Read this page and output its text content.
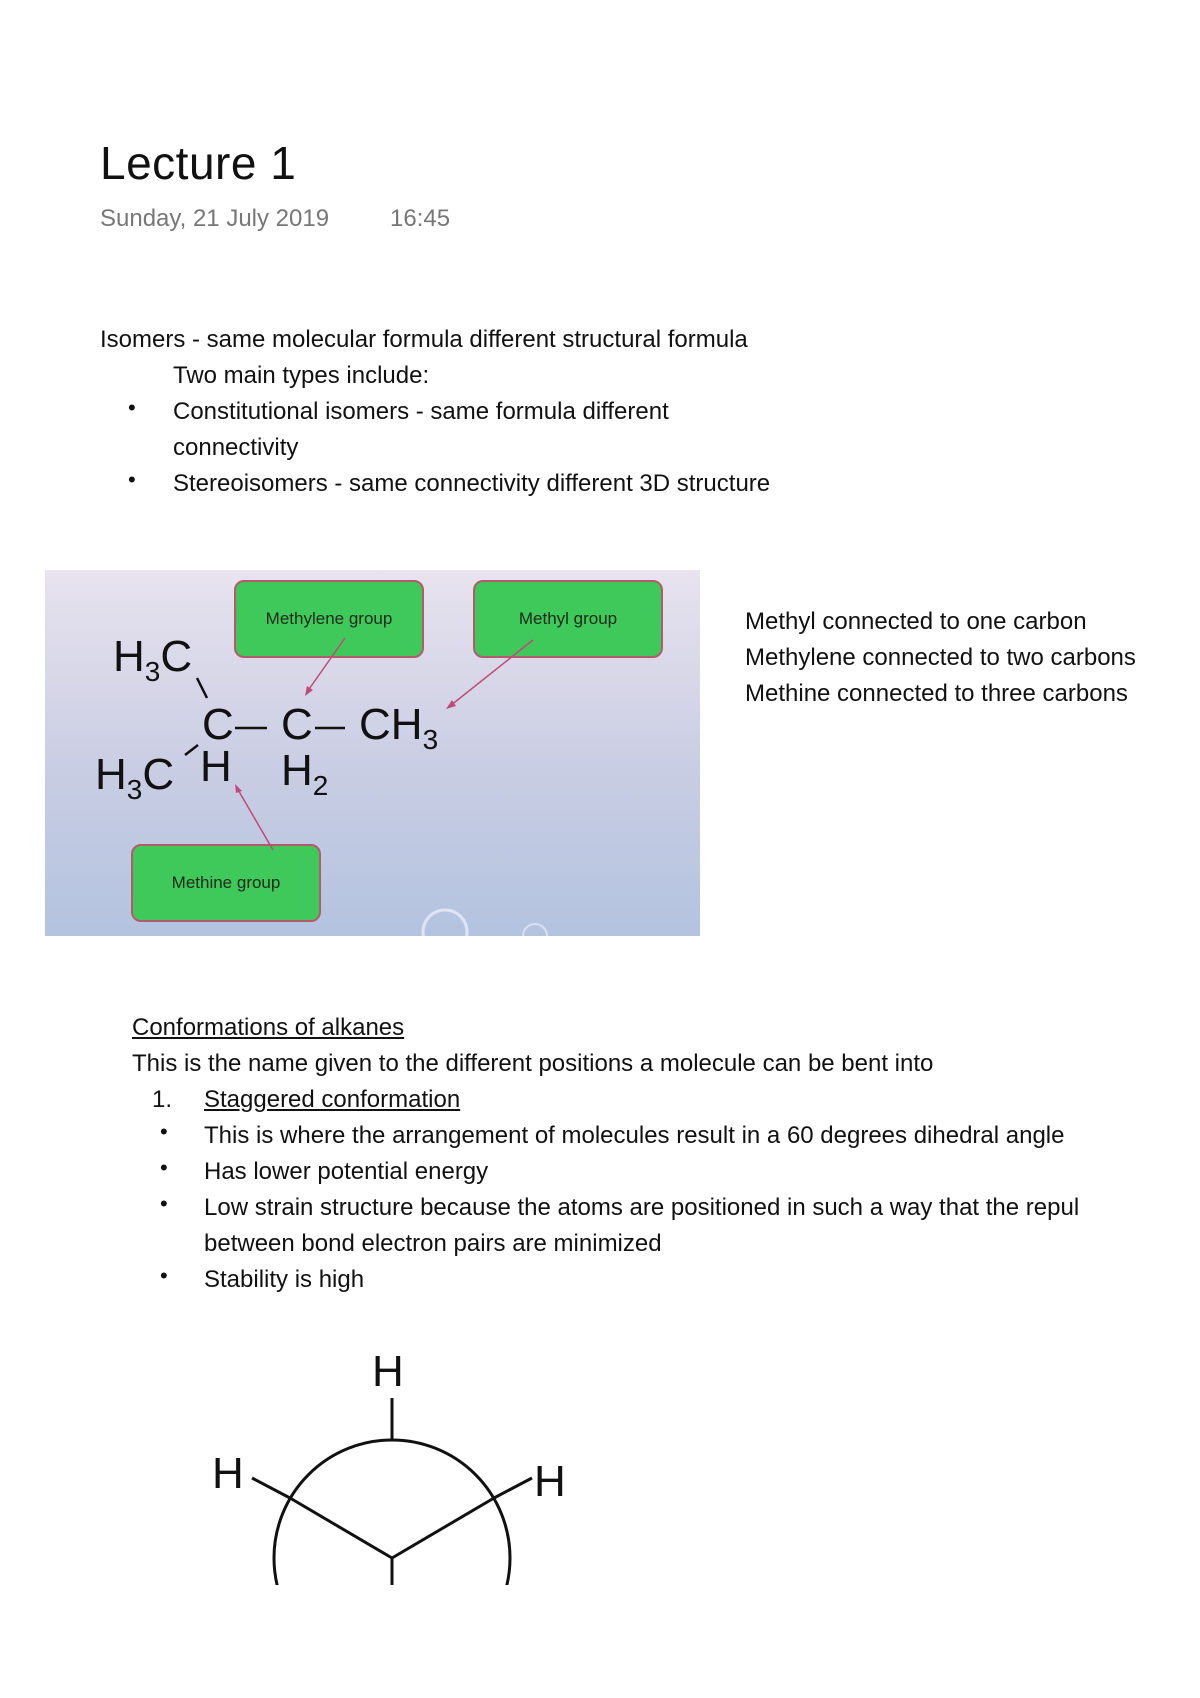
Lecture 1
Sunday, 21 July 2019	16:45
Isomers - same molecular formula different structural formula
Two main types include:
• Constitutional isomers - same formula different
connectivity
• Stereoisomers - same connectivity different 3D structure
Methylene group	Methyl group
Methine group
$H_3C$
C C $CH_3$
$H_3C$ H $H_2$
Methyl connected to one carbon
Methylene connected to two carbons
Methine connected to three carbons
Conformations of alkanes
This is the name given to the different positions a molecule can be bent into
1. Staggered conformation
• This is where the arrangement of molecules result in a 60 degrees dihedral angle
• Has lower potential energy
• Low strain structure because the atoms are positioned in such a way that the repul
between bond electron pairs are minimized
• Stability is high
H
H	H
